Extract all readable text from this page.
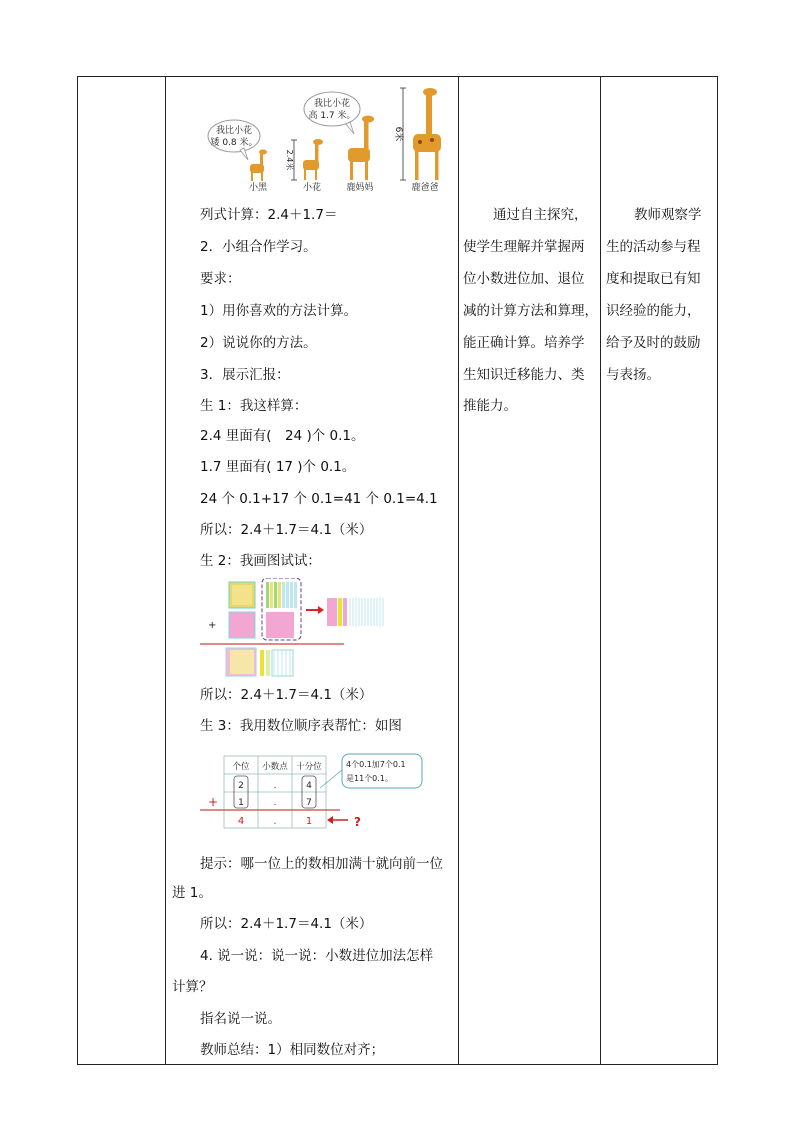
我比小花
矮 0.8 米。
我比小花
高 1.7 米。
2.4米
6米
小黑	小花	鹿妈妈	鹿爸爸
列式计算：2.4＋1.7＝
2．小组合作学习。
要求：
1）用你喜欢的方法计算。
2）说说你的方法。
3．展示汇报：
生 1：我这样算：
2.4 里面有(　24 )个 0.1。
1.7 里面有( 17 )个 0.1。
24 个 0.1+17 个 0.1=41 个 0.1=4.1
所以：2.4＋1.7＝4.1（米）
生 2：我画图试试：
+
所以：2.4＋1.7＝4.1（米）
生 3：我用数位顺序表帮忙：如图
个位 小数点 十分位
2	.	4
1	.	7
+
4	.	1	?
4个0.1加7个0.1
是11个0.1。
提示：哪一位上的数相加满十就向前一位
进 1。
所以：2.4＋1.7＝4.1（米）
4. 说一说：说一说：小数进位加法怎样
计算？
指名说一说。
教师总结：1）相同数位对齐；
通过自主探究，
使学生理解并掌握两
位小数进位加、退位
减的计算方法和算理，
能正确计算。培养学
生知识迁移能力、类
推能力。
教师观察学
生的活动参与程
度和提取已有知
识经验的能力，
给予及时的鼓励
与表扬。
